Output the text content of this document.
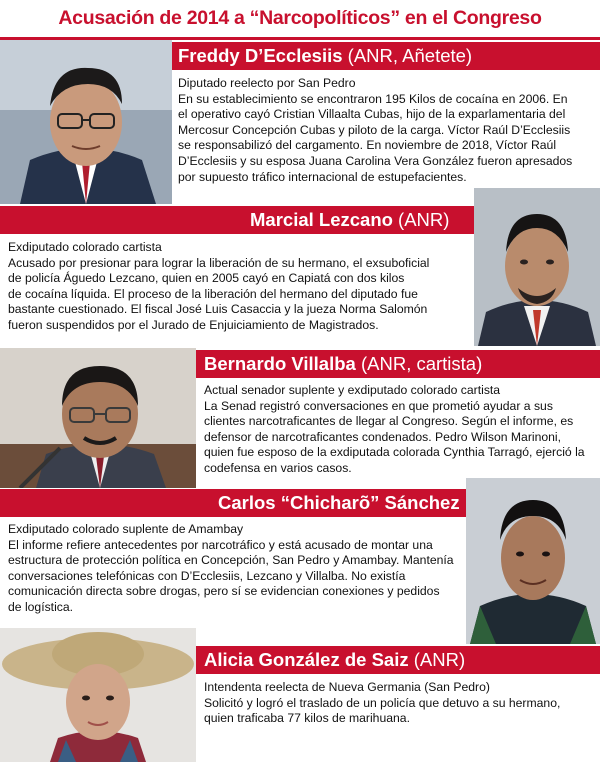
Acusación de 2014 a “Narcopolíticos” en el Congreso
Freddy D’Ecclesiis (ANR, Añetete)
Diputado reelecto por San Pedro
En su establecimiento se encontraron 195 Kilos de cocaína en 2006. En
el operativo cayó Cristian Villaalta Cubas, hijo de la exparlamentaria del
Mercosur Concepción Cubas y piloto de la carga. Víctor Raúl D’Ecclesiis
se responsabilizó del cargamento. En noviembre de 2018, Víctor Raúl
D’Ecclesiis y su esposa Juana Carolina Vera González fueron apresados
por supuesto tráfico internacional de estupefacientes.
Marcial Lezcano (ANR)
Exdiputado colorado cartista
Acusado por presionar para lograr la liberación de su hermano, el exsuboficial
de policía Águedo Lezcano, quien en 2005 cayó en Capiatá con dos kilos
de cocaína líquida. El proceso de la liberación del hermano del diputado fue
bastante cuestionado. El fiscal José Luis Casaccia y la jueza Norma Salomón
fueron suspendidos por el Jurado de Enjuiciamiento de Magistrados.
Bernardo Villalba (ANR, cartista)
Actual senador suplente y exdiputado colorado cartista
La Senad registró conversaciones en que prometió ayudar a sus
clientes narcotraficantes de llegar al Congreso. Según el informe, es
defensor de narcotraficantes condenados. Pedro Wilson Marinoni,
quien fue esposo de la exdiputada colorada Cynthia Tarragó, ejerció la
codefensa en varios casos.
Carlos “Chicharõ” Sánchez
Exdiputado colorado suplente de Amambay
El informe refiere antecedentes por narcotráfico y está acusado de montar una
estructura de protección política en Concepción, San Pedro y Amambay. Mantenía
conversaciones telefónicas con D’Ecclesiis, Lezcano y Villalba. No existía
comunicación directa sobre drogas, pero sí se evidencian conexiones y pedidos
de logística.
Alicia González de Saiz (ANR)
Intendenta reelecta de Nueva Germania (San Pedro)
Solicitó y logró el traslado de un policía que detuvo a su hermano,
quien traficaba 77 kilos de marihuana.
